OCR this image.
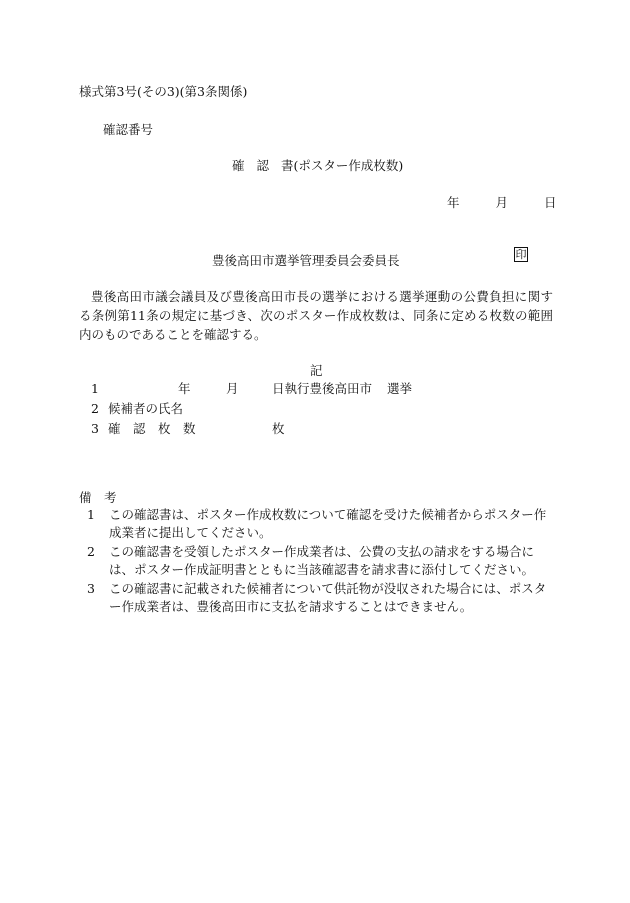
様式第3号(その3)(第3条関係)
確認番号
確 認 書(ポスター作成枚数)
年	月	日
豊後高田市選挙管理委員会委員長	印
豊後高田市議会議員及び豊後高田市長の選挙における選挙運動の公費負担に関する条例第11条の規定に基づき、次のポスター作成枚数は、同条に定める枚数の範囲内のものであることを確認する。
記
1	年	月	日執行豊後高田市 選挙
2 候補者の氏名
3 確　認　枚　数	枚
備　考
1 この確認書は、ポスター作成枚数について確認を受けた候補者からポスター作成業者に提出してください。
2 この確認書を受領したポスター作成業者は、公費の支払の請求をする場合には、ポスター作成証明書とともに当該確認書を請求書に添付してください。
3 この確認書に記載された候補者について供託物が没収された場合には、ポスター作成業者は、豊後高田市に支払を請求することはできません。
